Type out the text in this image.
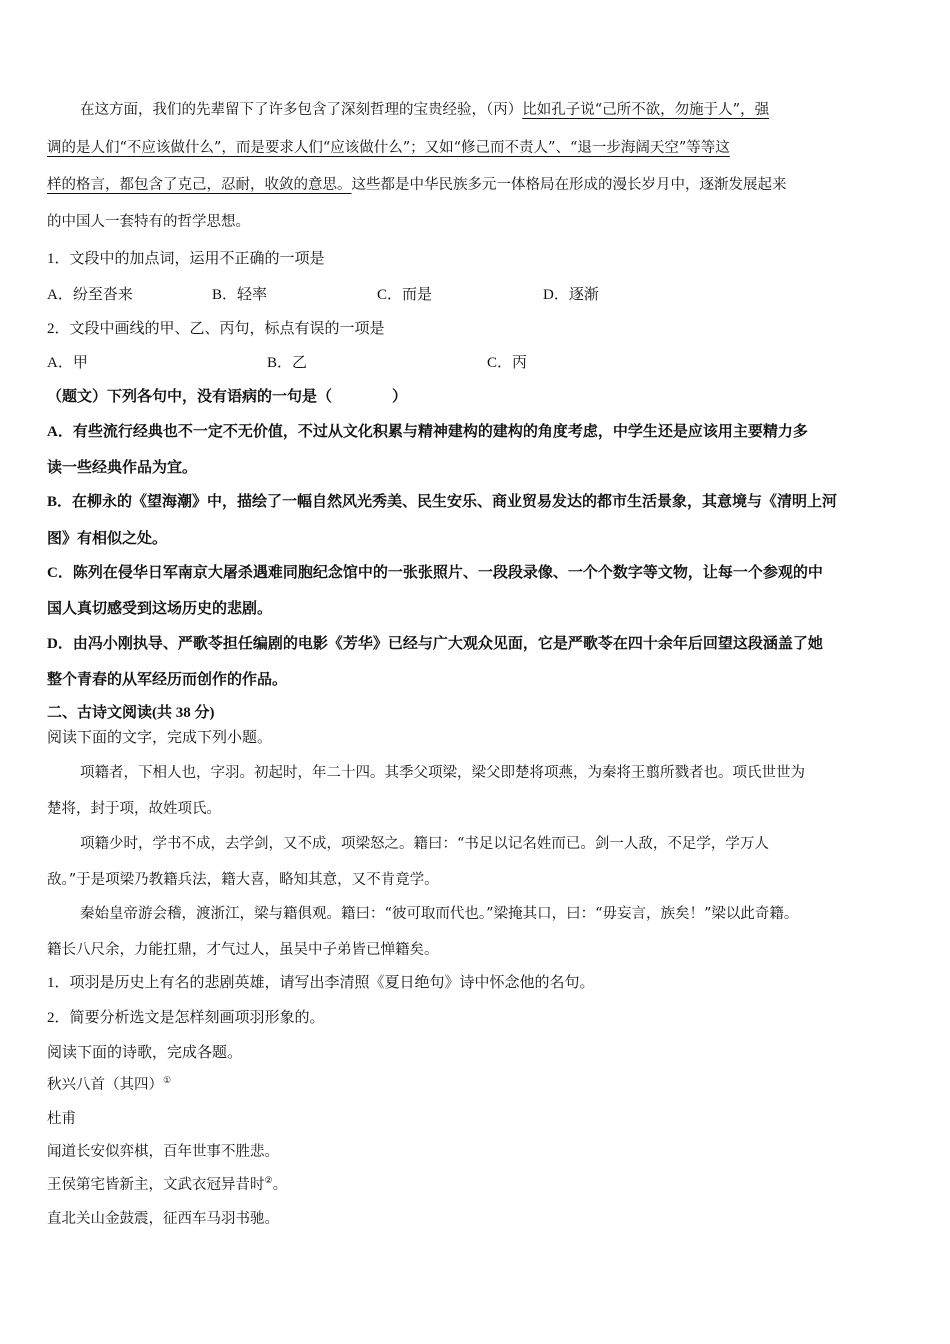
在这方面，我们的先辈留下了许多包含了深刻哲理的宝贵经验，（丙）比如孔子说“己所不欲，勿施于人”，强
调的是人们“不应该做什么”，而是要求人们“应该做什么”；又如“修己而不责人”、“退一步海阔天空”等等这
样的格言，都包含了克己，忍耐，收敛的意思。这些都是中华民族多元一体格局在形成的漫长岁月中，逐渐发展起来
的中国人一套特有的哲学思想。
1．文段中的加点词，运用不正确的一项是
A．纷至沓来	B．轻率	C．而是	D．逐渐
2．文段中画线的甲、乙、丙句，标点有误的一项是
A．甲	B．乙	C．丙
（题文）下列各句中，没有语病的一句是（　　　　）
A．有些流行经典也不一定不无价值，不过从文化积累与精神建构的建构的角度考虑，中学生还是应该用主要精力多
读一些经典作品为宜。
B．在柳永的《望海潮》中，描绘了一幅自然风光秀美、民生安乐、商业贸易发达的都市生活景象，其意境与《清明上河
图》有相似之处。
C．陈列在侵华日军南京大屠杀遇难同胞纪念馆中的一张张照片、一段段录像、一个个数字等文物，让每一个参观的中
国人真切感受到这场历史的悲剧。
D．由冯小刚执导、严歌苓担任编剧的电影《芳华》已经与广大观众见面，它是严歌苓在四十余年后回望这段涵盖了她
整个青春的从军经历而创作的作品。
二、古诗文阅读(共 38 分)
阅读下面的文字，完成下列小题。
项籍者，下相人也，字羽。初起时，年二十四。其季父项梁，梁父即楚将项燕，为秦将王翦所戮者也。项氏世世为
楚将，封于项，故姓项氏。
项籍少时，学书不成，去学剑，又不成，项梁怒之。籍曰：“书足以记名姓而已。剑一人敌，不足学，学万人
敌。”于是项梁乃教籍兵法，籍大喜，略知其意，又不肯竟学。
秦始皇帝游会稽，渡浙江，梁与籍俱观。籍曰：“彼可取而代也。”梁掩其口，曰：“毋妄言，族矣！”梁以此奇籍。
籍长八尺余，力能扛鼎，才气过人，虽吴中子弟皆已惮籍矣。
1．项羽是历史上有名的悲剧英雄，请写出李清照《夏日绝句》诗中怀念他的名句。
2．简要分析选文是怎样刻画项羽形象的。
阅读下面的诗歌，完成各题。
秋兴八首（其四）①
杜甫
闻道长安似弈棋，百年世事不胜悲。
王侯第宅皆新主，文武衣冠异昔时②。
直北关山金鼓震，征西车马羽书驰。
